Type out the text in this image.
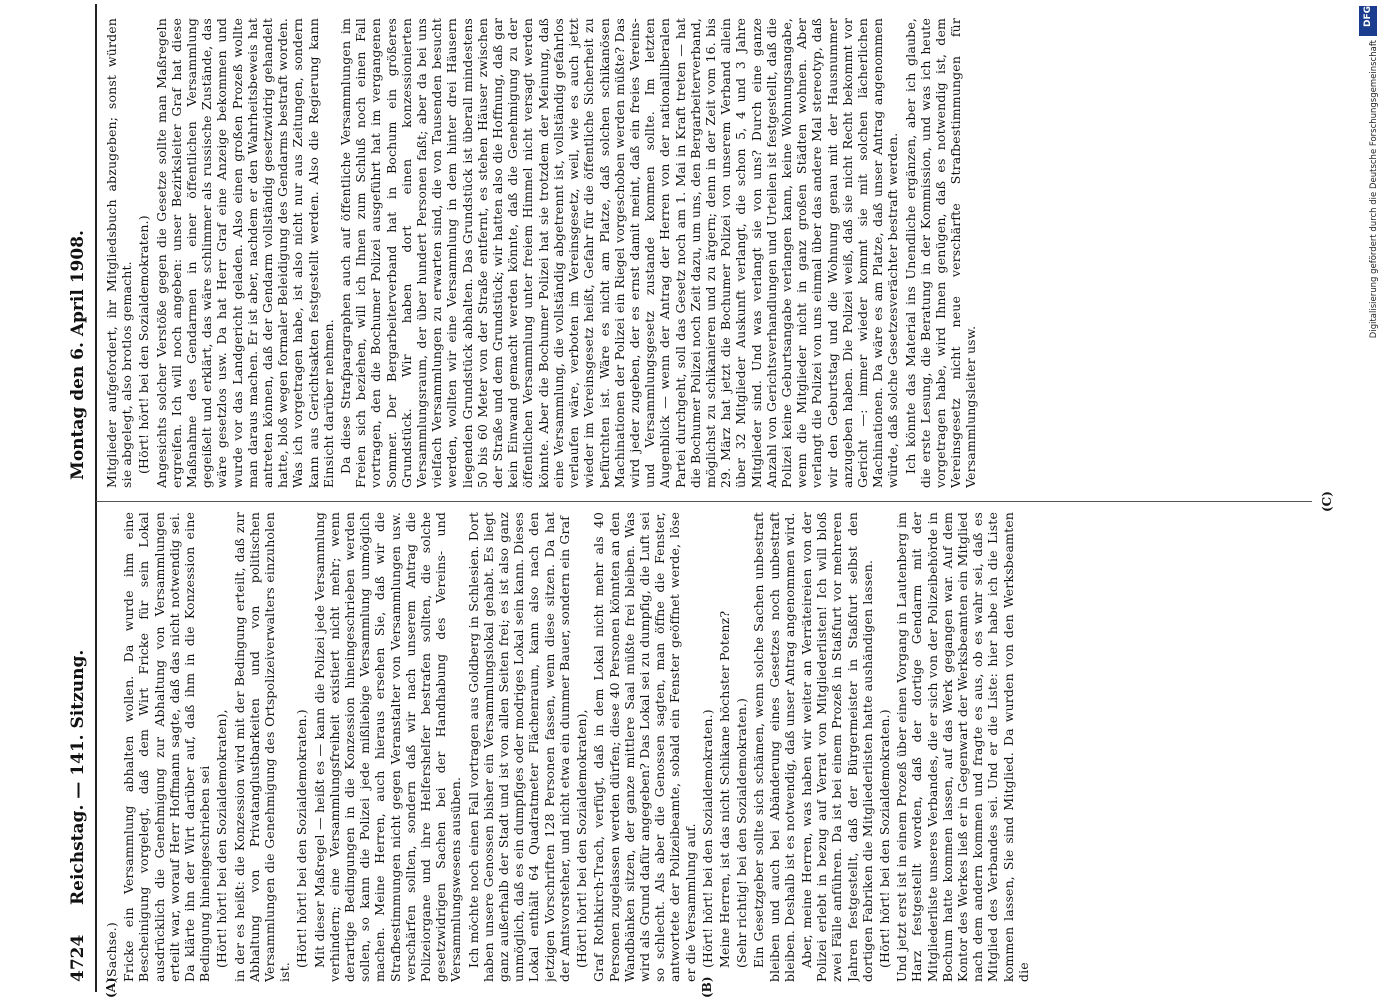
DFG
Digitalisierung gefördert durch die Deutsche Forschungsgemeinschaft
4724
Reichstag. — 141. Sitzung.
Montag den 6. April 1908.
(A)	(B)
(C)

(Sachse.) Fricke ein Versammlung abhalten wollen. Da wurde ihm eine Bescheinigung vorgelegt, daß dem Wirt Fricke für sein Lokal ausdrücklich die Genehmigung zur Abhaltung von Versammlungen erteilt war, worauf Herr Hoffmann sagte, daß das nicht notwendig sei. Da klärte ihn der Wirt darüber auf, daß ihm in die Konzession eine Bedingung hineingeschrieben sei (Hört! hört! bei den Sozialdemokraten), in der es heißt: die Konzession wird mit der Bedingung erteilt, daß zur Abhaltung von Privatanglustbarkeiten und von politischen Versammlungen die Genehmigung des Ortspolizeiverwalters einzuholen ist.

(Hört! hört! bei den Sozialdemokraten.) Mit dieser Maßregel — heißt es — kann die Polizei jede Versammlung verhindern; eine Versammlungsfreiheit existiert nicht mehr; wenn derartige Bedingungen in die Konzession hineingeschrieben werden sollen, so kann die Polizei jede mißliebige Versammlung unmöglich machen. Meine Herren, auch hieraus ersehen Sie, daß wir die Strafbestimmungen nicht gegen Veranstalter von Versammlungen usw. verschärfen sollten, sondern daß wir nach unserem Antrag die Polizeiorgane und ihre Helfershelfer bestrafen sollten, die solche gesetzwidrigen Sachen bei der Handhabung des Vereins- und Versammlungswesens ausüben. Ich möchte noch einen Fall vortragen aus Goldberg in Schlesien. Dort haben unsere Genossen bisher ein Versammlungslokal gehabt. Es liegt ganz außerhalb der Stadt und ist von allen Seiten frei; es ist also ganz unmöglich, daß es ein dumpfiges oder modriges Lokal sein kann. Dieses Lokal enthält 64 Quadratmeter Flächenraum, kann also nach den jetzigen Vorschriften 128 Personen fassen, wenn diese sitzen. Da hat der Amtsvorsteher, und nicht etwa ein dummer Bauer, sondern ein Graf (Hört! hört! bei den Sozialdemokraten), Graf Rothkirch-Trach, verfügt, daß in dem Lokal nicht mehr als 40 Personen zugelassen werden dürfen; diese 40 Personen könnten an den Wandbänken sitzen, der ganze mittlere Saal müßte frei bleiben. Was wird als Grund dafür angegeben? Das Lokal sei zu dumpfig, die Luft sei so schlecht. Als aber die Genossen sagten, man öffne die Fenster, antwortete der Polizeibeamte, sobald ein Fenster geöffnet werde, löse er die Versammlung auf. (Hört! hört! bei den Sozialdemokraten.) Meine Herren, ist das nicht Schikane höchster Potenz? (Sehr richtig! bei den Sozialdemokraten.) Ein Gesetzgeber sollte sich schämen, wenn solche Sachen unbestraft bleiben und auch bei Abänderung eines Gesetzes noch unbestraft bleiben. Deshalb ist es notwendig, daß unser Antrag angenommen wird. Aber, meine Herren, was haben wir weiter an Verräteireien von der Polizei erlebt in bezug auf Verrat von Mitgliederlisten! Ich will bloß zwei Fälle anführen. Da ist bei einem Prozeß in Staßfurt vor mehreren Jahren festgestellt, daß der Bürgermeister in Staßfurt selbst den dortigen Fabriken die Mitgliederlisten hatte aushändigen lassen. (Hört! hört! bei den Sozialdemokraten.) Und jetzt erst ist in einem Prozeß über einen Vorgang in Lautenberg im Harz festgestellt worden, daß der dortige Gendarm mit der Mitgliederliste unseres Verbandes, die er sich von der Polizeibehörde in Bochum hatte kommen lassen, auf das Werk gegangen war. Auf dem Kontor des Werkes ließ er in Gegenwart der Werksbeamten ein Mitglied nach dem andern kommen und fragte es aus, ob es wahr sei, daß es Mitglied des Verbandes sei. Und er die Liste: hier habe ich die Liste kommen lassen, Sie sind Mitglied. Da wurden von den Werksbeamten die

Mitglieder aufgefordert, ihr Mitgliedsbuch abzugeben; sonst würden sie abgelegt, also brotlos gemacht. (Hört! hört! bei den Sozialdemokraten.) Angesichts solcher Verstöße gegen die Gesetze sollte man Maßregeln ergreifen. Ich will noch angeben: unser Bezirksleiter Graf hat diese Maßnahme des Gendarmen in einer öffentlichen Versammlung gegeißelt und erklärt, das wäre schlimmer als russische Zustände, das wäre gesetzlos usw. Da hat Herr Graf eine Anzeige bekommen und wurde vor das Landgericht geladen. Also einen großen Prozeß wollte man daraus machen. Er ist aber, nachdem er den Wahrheitsbeweis hat antreten können, daß der Gendarm vollständig gesetzwidrig gehandelt hatte, bloß wegen formaler Beleidigung des Gendarms bestraft worden. Was ich vorgetragen habe, ist also nicht nur aus Zeitungen, sondern kann aus Gerichtsakten festgestellt werden. Also die Regierung kann Einsicht darüber nehmen. Da diese Strafparagraphen auch auf öffentliche Versammlungen im Freien sich beziehen, will ich Ihnen zum Schluß noch einen Fall vortragen, den die Bochumer Polizei ausgeführt hat im vergangenen Sommer. Der Bergarbeiterverband hat in Bochum ein größeres Grundstück. Wir haben dort einen konzessionierten Versammlungsraum, der über hundert Personen faßt; aber da bei uns vielfach Versammlungen zu erwarten sind, die von Tausenden besucht werden, wollten wir eine Versammlung in dem hinter drei Häusern liegenden Grundstück abhalten. Das Grundstück ist überall mindestens 50 bis 60 Meter von der Straße entfernt, es stehen Häuser zwischen der Straße und dem Grundstück; wir hatten also die Hoffnung, daß gar kein Einwand gemacht werden könnte, daß die Genehmigung zu der öffentlichen Versammlung unter freiem Himmel nicht versagt werden könnte. Aber die Bochumer Polizei hat sie trotzdem der Meinung, daß eine Versammlung, die vollständig abgetrennt ist, vollständig gefahrlos verlaufen wäre, verboten im Vereinsgesetz, weil, wie es auch jetzt wieder im Vereinsgesetz heißt, Gefahr für die öffentliche Sicherheit zu befürchten ist. Wäre es nicht am Platze, daß solchen schikanösen Machinationen der Polizei ein Riegel vorgeschoben werden müßte? Das wird jeder zugeben, der es ernst damit meint, daß ein freies Vereins- und Versammlungsgesetz zustande kommen sollte. Im letzten Augenblick — wenn der Antrag der Herren von der nationalliberalen Partei durchgeht, soll das Gesetz noch am 1. Mai in Kraft treten — hat die Bochumer Polizei noch Zeit dazu, um uns, den Bergarbeiterverband, möglichst zu schikanieren und zu ärgern; denn in der Zeit vom 16. bis 29. März hat jetzt die Bochumer Polizei von unserem Verband allein über 32 Mitglieder Auskunft verlangt, die schon 5, 4 und 3 Jahre Mitglieder sind. Und was verlangt sie von uns? Durch eine ganze Anzahl von Gerichtsverhandlungen und Urteilen ist festgestellt, daß die Polizei keine Geburtsangabe verlangen kann, keine Wohnungsangabe, wenn die Mitglieder nicht in ganz großen Städten wohnen. Aber verlangt die Polizei von uns einmal über das andere Mal stereotyp, daß wir den Geburtstag und die Wohnung genau mit der Hausnummer anzugeben haben. Die Polizei weiß, daß sie nicht Recht bekommt vor Gericht —: immer wieder kommt sie mit solchen lächerlichen Machinationen. Da wäre es am Platze, daß unser Antrag angenommen würde, daß solche Gesetzesverächter bestraft werden. Ich könnte das Material ins Unendliche ergänzen, aber ich glaube, die erste Lesung, die Beratung in der Kommission, und was ich heute vorgetragen habe, wird Ihnen genügen, daß es notwendig ist, dem Vereinsgesetz nicht neue verschärfte Strafbestimmungen für Versammlungsleiter usw.
